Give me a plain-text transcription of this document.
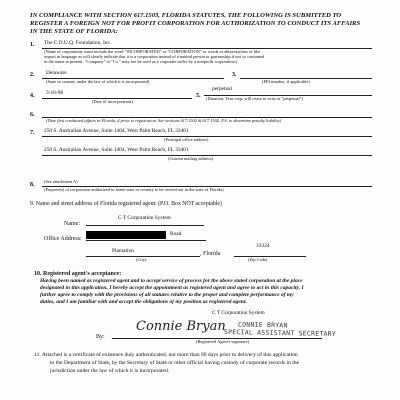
IN COMPLIANCE WITH SECTION 617.1503, FLORIDA STATUTES, THE FOLLOWING IS SUBMITTED TO
REGISTER A FOREIGN NOT FOR PROFIT CORPORATION FOR AUTHORIZATION TO CONDUCT ITS AFFAIRS
IN THE STATE OF FLORIDA:
1. The C.O.U.Q. Foundation, Inc.
(Name of corporation: must include the word "INCORPORATED" or "CORPORATION" or words or abbreviations of like
import in language as will clearly indicate that it is a corporation instead of a natural person or partnership if not so contained
in the name at present. "Company" or "Co." may not be used as a corporate suffix by a nonprofit corporation.)
2. Delaware
(State or country under the law of which it is incorporated)
3.
(FEI number, if applicable)
4. 3-16-98
(Date of incorporation)
5.
perpetual
(Duration: Year corp. will cease to exist or "perpetual")
6.
(Date first conducted affairs in Florida, if prior to registration. See sections 617.1502 & 617.1502, F.S. to determine penalty liability)
7. 250 S. Australian Avenue, Suite 1404, West Palm Beach, FL 33401
(Principal office address)
250 S. Australian Avenue, Suite 1404, West Palm Beach, FL 33401
(Current mailing address)
8.
(See attachment A)
(Purpose(s) of corporation authorized in home state or country to be carried out in the state of Florida)
9. Name and street address of Florida registered agent: (P.O. Box NOT acceptable)
Name:
C T Corporation System
Office Address:
Road
Plantation
(City)
, Florida
33324
(Zip Code)
10. Registered agent's acceptance:
Having been named as registered agent and to accept service of process for the above stated corporation at the place
designated in this application, I hereby accept the appointment as registered agent and agree to act in this capacity. I
further agree to comply with the provisions of all statutes relative to the proper and complete performance of my
duties, and I am familiar with and accept the obligations of my position as registered agent.
C T Corporation System
Connie Bryan CONNIE BRYAN
SPECIAL ASSISTANT SECRETARY
By:
(Registered Agent's signature)
11. Attached is a certificate of existence duly authenticated, not more than 90 days prior to delivery of this application
to the Department of State, by the Secretary of State or other official having custody of corporate records in the
jurisdiction under the law of which it is incorporated.
